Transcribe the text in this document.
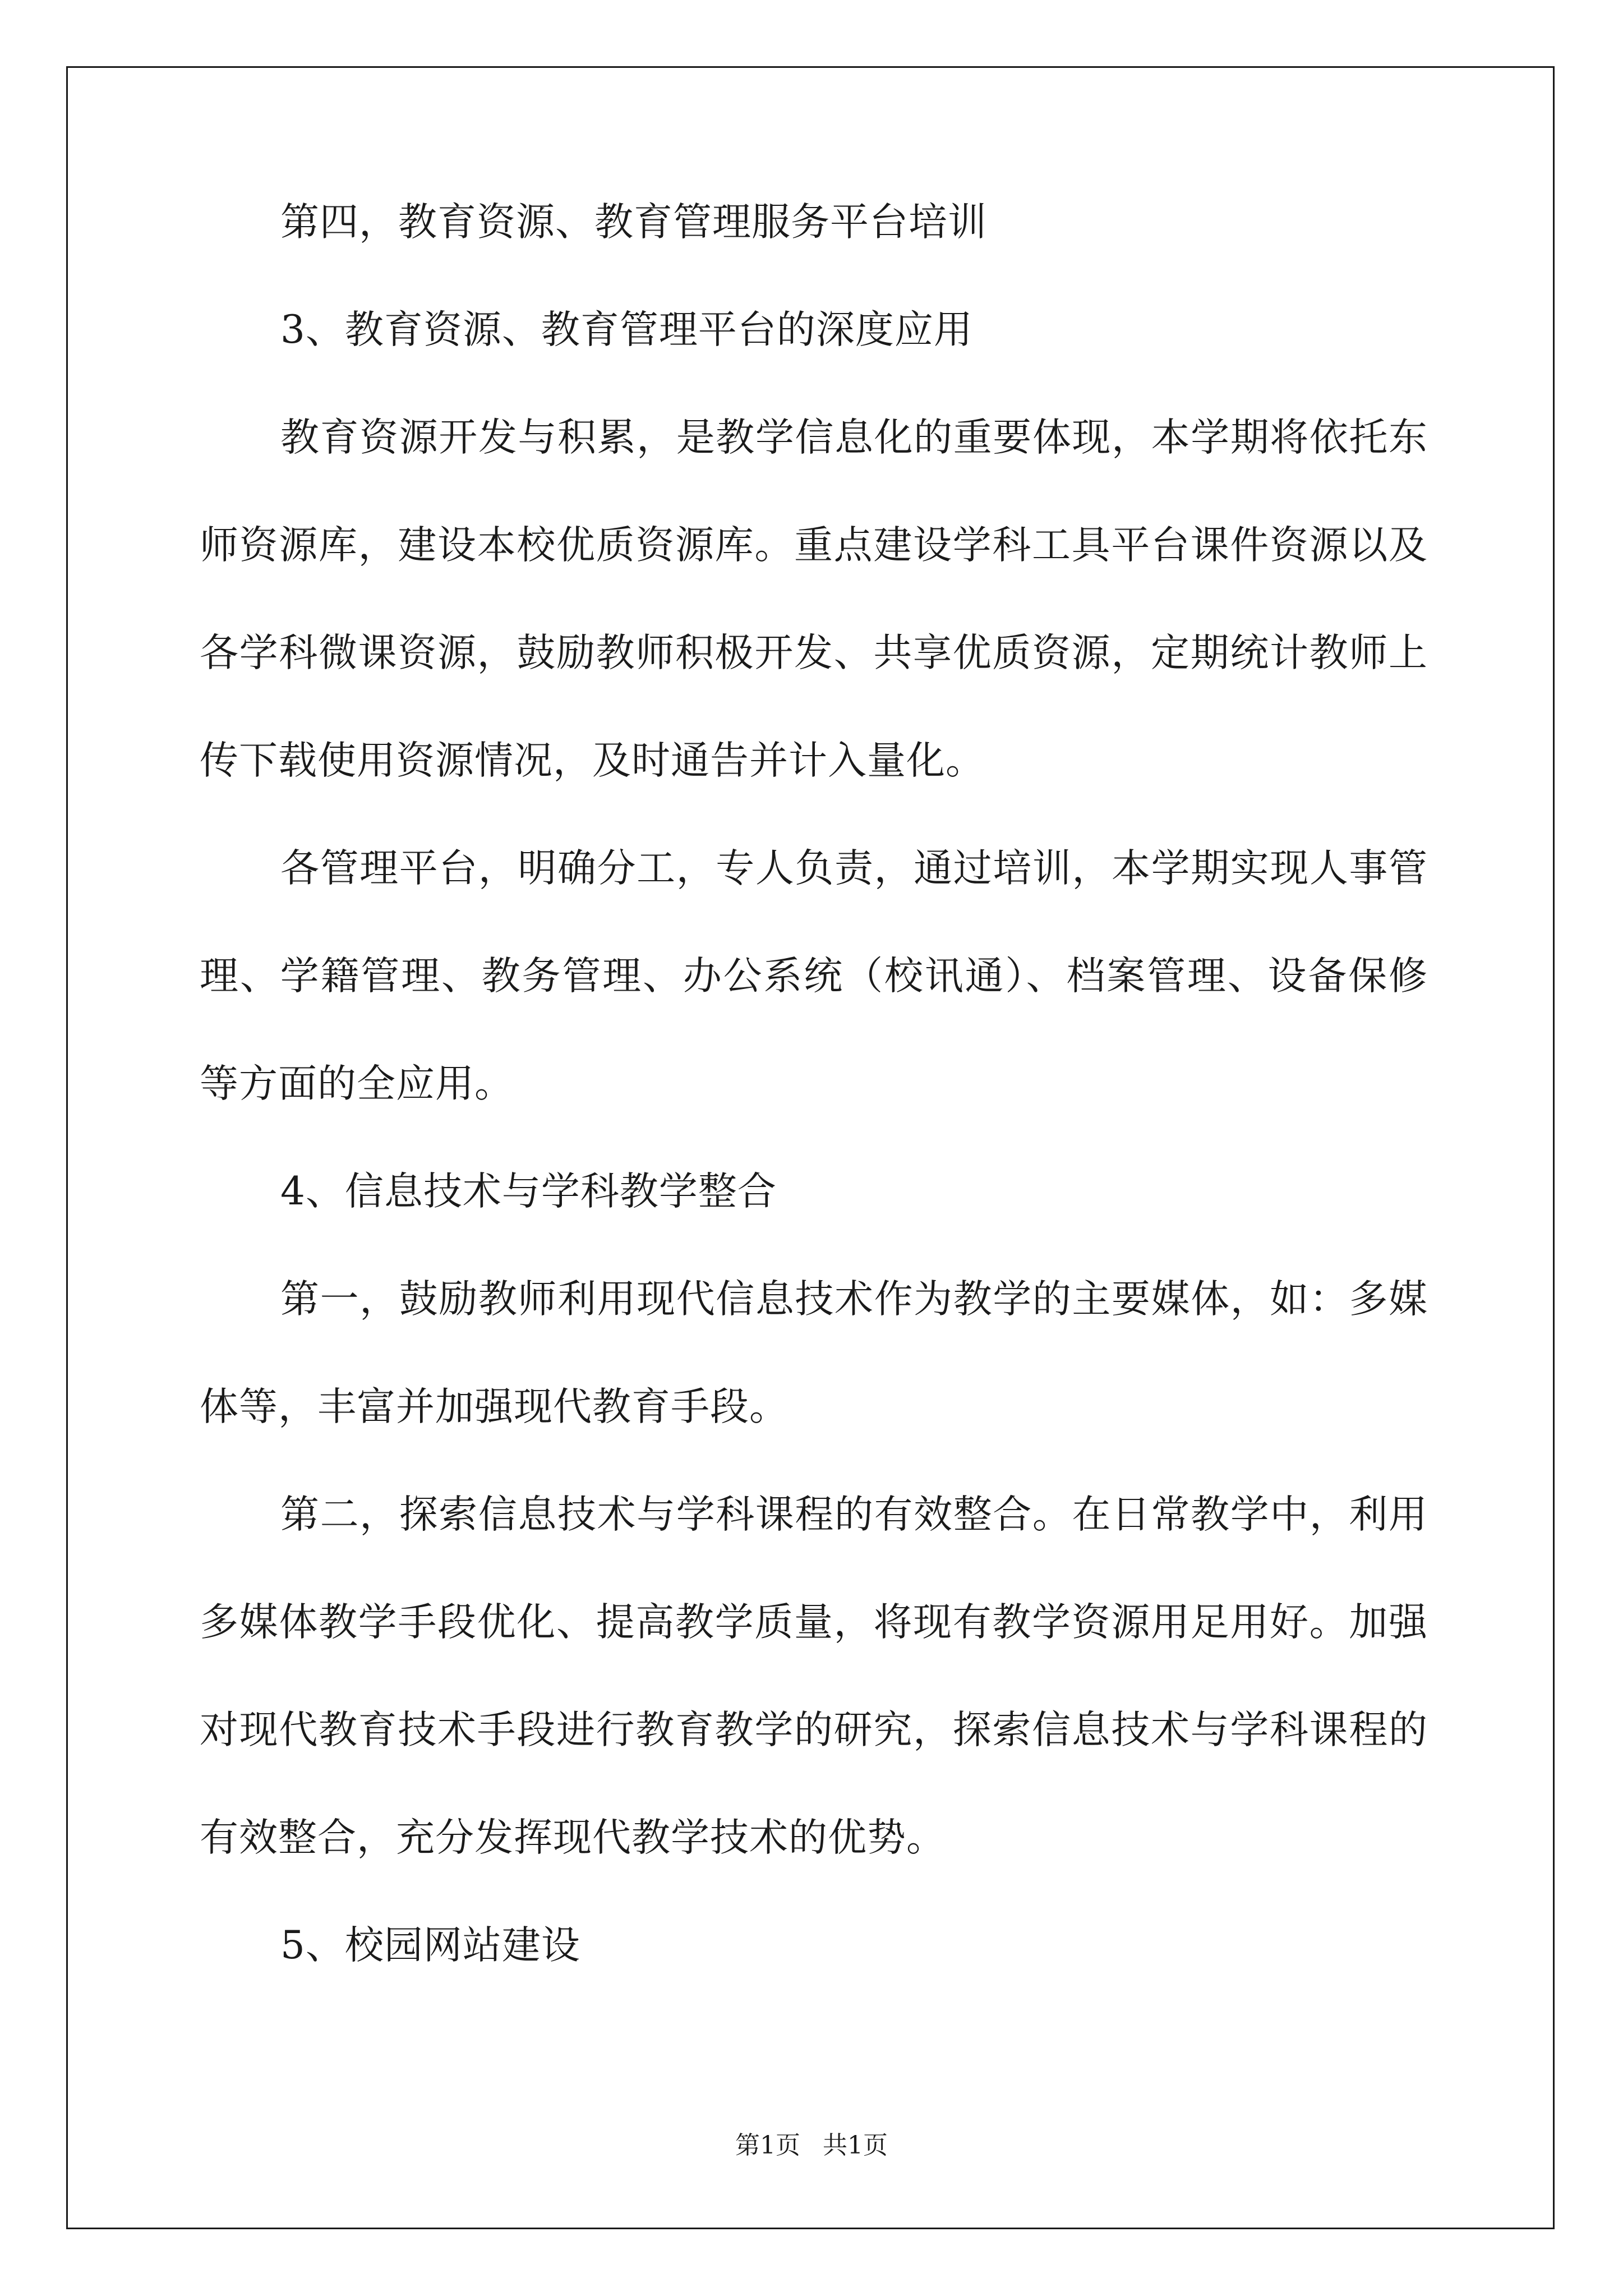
第四，教育资源、教育管理服务平台培训

3、教育资源、教育管理平台的深度应用

教育资源开发与积累，是教学信息化的重要体现，本学期将依托东师资源库，建设本校优质资源库。重点建设学科工具平台课件资源以及各学科微课资源，鼓励教师积极开发、共享优质资源，定期统计教师上传下载使用资源情况，及时通告并计入量化。

各管理平台，明确分工，专人负责，通过培训，本学期实现人事管理、学籍管理、教务管理、办公系统（校讯通）、档案管理、设备保修等方面的全应用。

4、信息技术与学科教学整合

第一，鼓励教师利用现代信息技术作为教学的主要媒体，如：多媒体等，丰富并加强现代教育手段。

第二，探索信息技术与学科课程的有效整合。在日常教学中，利用多媒体教学手段优化、提高教学质量，将现有教学资源用足用好。加强对现代教育技术手段进行教育教学的研究，探索信息技术与学科课程的有效整合，充分发挥现代教学技术的优势。

5、校园网站建设

第1页 共1页
